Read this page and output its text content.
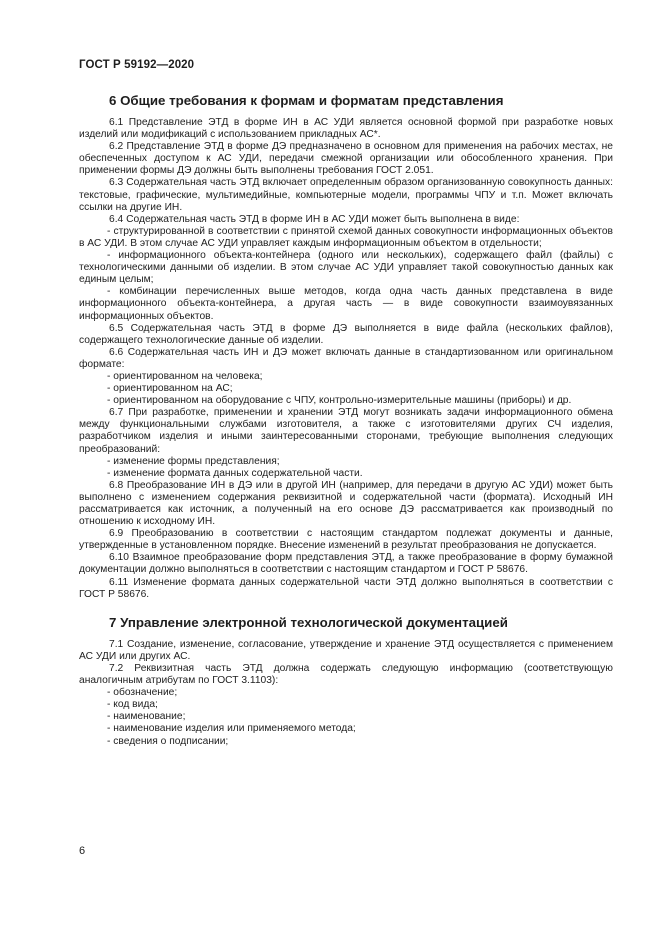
ГОСТ Р 59192—2020
6 Общие требования к формам и форматам представления

6.1 Представление ЭТД в форме ИН в АС УДИ является основной формой при разработке новых изделий или модификаций с использованием прикладных АС*.

6.2 Представление ЭТД в форме ДЭ предназначено в основном для применения на рабочих местах, не обеспеченных доступом к АС УДИ, передачи смежной организации или обособленного хранения. При применении формы ДЭ должны быть выполнены требования ГОСТ 2.051.

6.3 Содержательная часть ЭТД включает определенным образом организованную совокупность данных: текстовые, графические, мультимедийные, компьютерные модели, программы ЧПУ и т.п. Может включать ссылки на другие ИН.

6.4 Содержательная часть ЭТД в форме ИН в АС УДИ может быть выполнена в виде:

- структурированной в соответствии с принятой схемой данных совокупности информационных объектов в АС УДИ. В этом случае АС УДИ управляет каждым информационным объектом в отдельности;

- информационного объекта-контейнера (одного или нескольких), содержащего файл (файлы) с технологическими данными об изделии. В этом случае АС УДИ управляет такой совокупностью данных как единым целым;

- комбинации перечисленных выше методов, когда одна часть данных представлена в виде информационного объекта-контейнера, а другая часть — в виде совокупности взаимоувязанных информационных объектов.

6.5 Содержательная часть ЭТД в форме ДЭ выполняется в виде файла (нескольких файлов), содержащего технологические данные об изделии.

6.6 Содержательная часть ИН и ДЭ может включать данные в стандартизованном или оригинальном формате:

- ориентированном на человека;

- ориентированном на АС;

- ориентированном на оборудование с ЧПУ, контрольно-измерительные машины (приборы) и др.

6.7 При разработке, применении и хранении ЭТД могут возникать задачи информационного обмена между функциональными службами изготовителя, а также с изготовителями других СЧ изделия, разработчиком изделия и иными заинтересованными сторонами, требующие выполнения следующих преобразований:

- изменение формы представления;

- изменение формата данных содержательной части.

6.8 Преобразование ИН в ДЭ или в другой ИН (например, для передачи в другую АС УДИ) может быть выполнено с изменением содержания реквизитной и содержательной части (формата). Исходный ИН рассматривается как источник, а полученный на его основе ДЭ рассматривается как производный по отношению к исходному ИН.

6.9 Преобразованию в соответствии с настоящим стандартом подлежат документы и данные, утвержденные в установленном порядке. Внесение изменений в результат преобразования не допускается.

6.10 Взаимное преобразование форм представления ЭТД, а также преобразование в форму бумажной документации должно выполняться в соответствии с настоящим стандартом и ГОСТ Р 58676.

6.11 Изменение формата данных содержательной части ЭТД должно выполняться в соответствии с ГОСТ Р 58676.

7 Управление электронной технологической документацией

7.1 Создание, изменение, согласование, утверждение и хранение ЭТД осуществляется с применением АС УДИ или других АС.

7.2 Реквизитная часть ЭТД должна содержать следующую информацию (соответствующую аналогичным атрибутам по ГОСТ 3.1103):

- обозначение;

- код вида;

- наименование;

- наименование изделия или применяемого метода;

- сведения о подписании;

6
